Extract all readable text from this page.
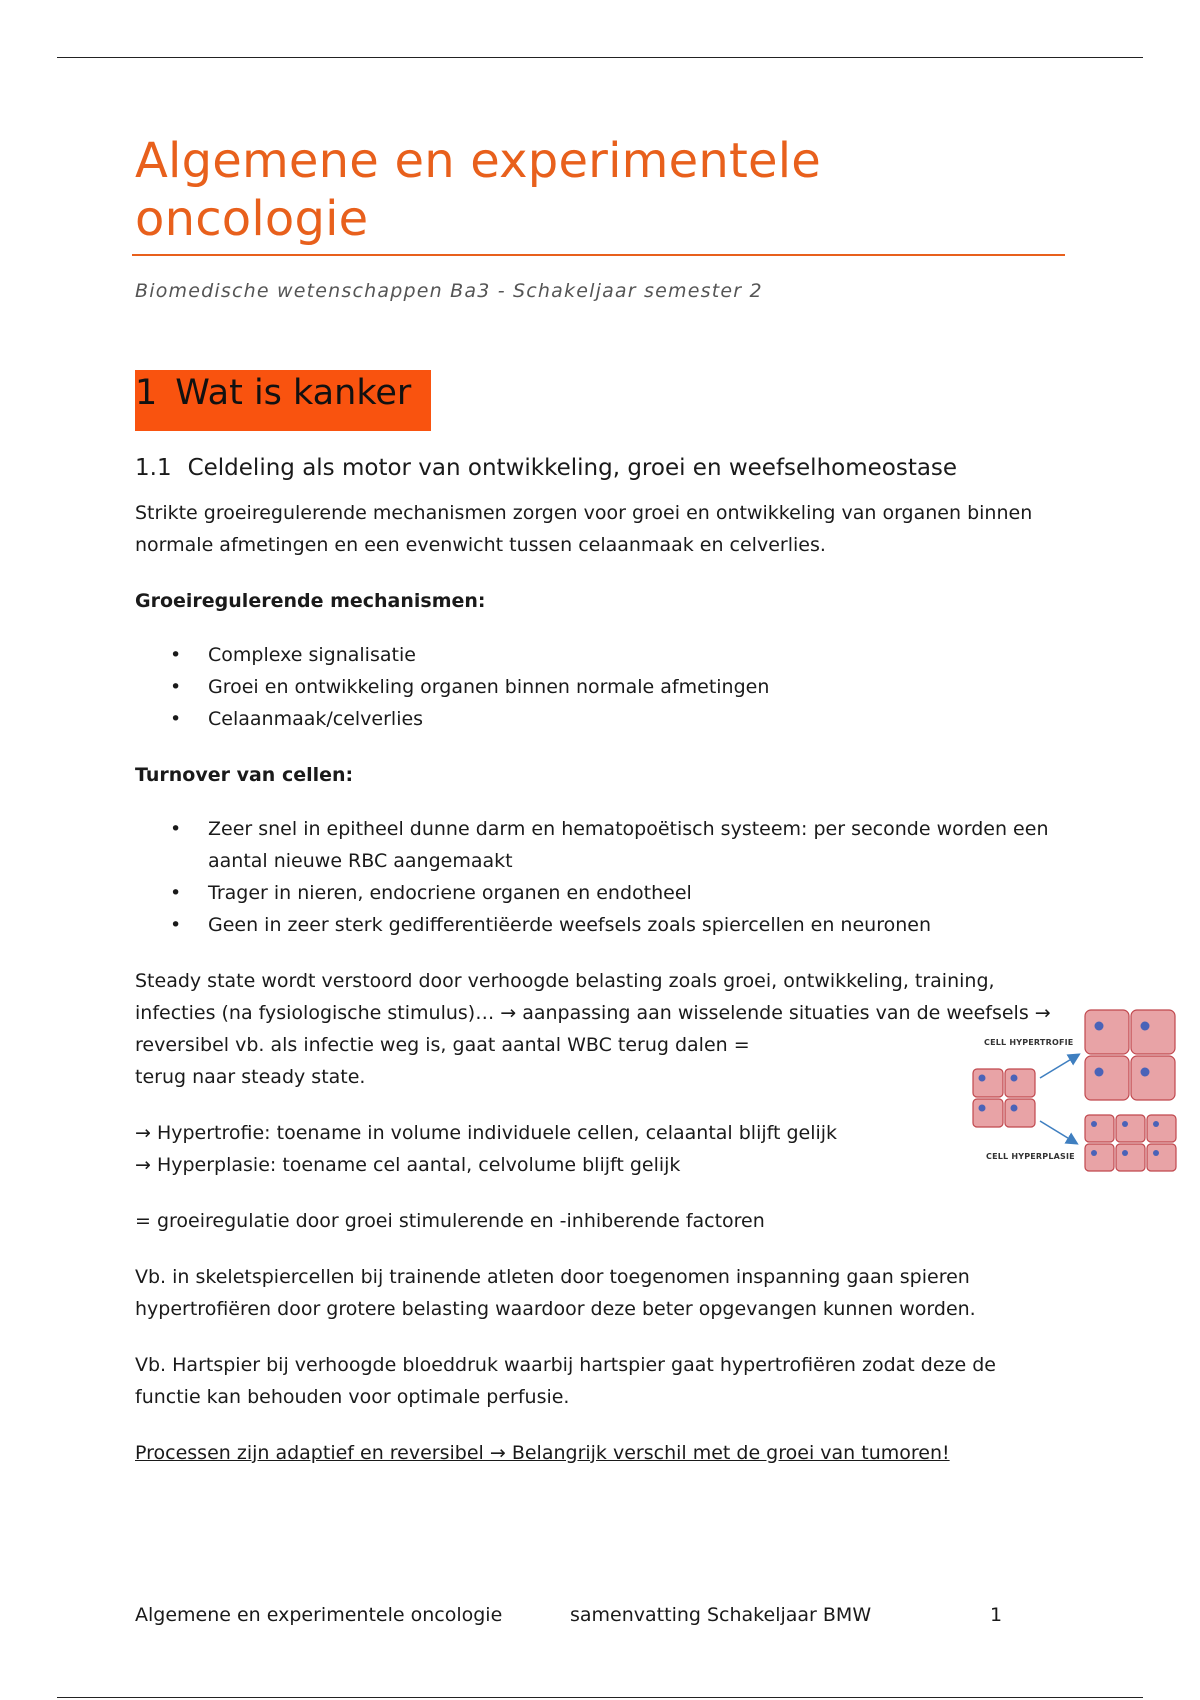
Algemene en experimentele oncologie
Biomedische wetenschappen Ba3 - Schakeljaar semester 2
1 Wat is kanker
1.1 Celdeling als motor van ontwikkeling, groei en weefselhomeostase

Strikte groeiregulerende mechanismen zorgen voor groei en ontwikkeling van organen binnen normale afmetingen en een evenwicht tussen celaanmaak en celverlies.

Groeiregulerende mechanismen:

• Complexe signalisatie
• Groei en ontwikkeling organen binnen normale afmetingen
• Celaanmaak/celverlies

Turnover van cellen:

• Zeer snel in epitheel dunne darm en hematopoëtisch systeem: per seconde worden een aantal nieuwe RBC aangemaakt
• Trager in nieren, endocriene organen en endotheel
• Geen in zeer sterk gedifferentiëerde weefsels zoals spiercellen en neuronen

Steady state wordt verstoord door verhoogde belasting zoals groei, ontwikkeling, training, infecties (na fysiologische stimulus)… → aanpassing aan wisselende situaties van de weefsels → reversibel vb. als infectie weg is, gaat aantal WBC terug dalen =
terug naar steady state.

→ Hypertrofie: toename in volume individuele cellen, celaantal blijft gelijk

→ Hyperplasie: toename cel aantal, celvolume blijft gelijk

= groeiregulatie door groei stimulerende en -inhiberende factoren

Vb. in skeletspiercellen bij trainende atleten door toegenomen inspanning gaan spieren hypertrofiëren door grotere belasting waardoor deze beter opgevangen kunnen worden.

Vb. Hartspier bij verhoogde bloeddruk waarbij hartspier gaat hypertrofiëren zodat deze de functie kan behouden voor optimale perfusie.

Processen zijn adaptief en reversibel → Belangrijk verschil met de groei van tumoren!

CELL HYPERTROFIE
CELL HYPERPLASIE
Algemene en experimentele oncologie	samenvatting Schakeljaar BMW	1
